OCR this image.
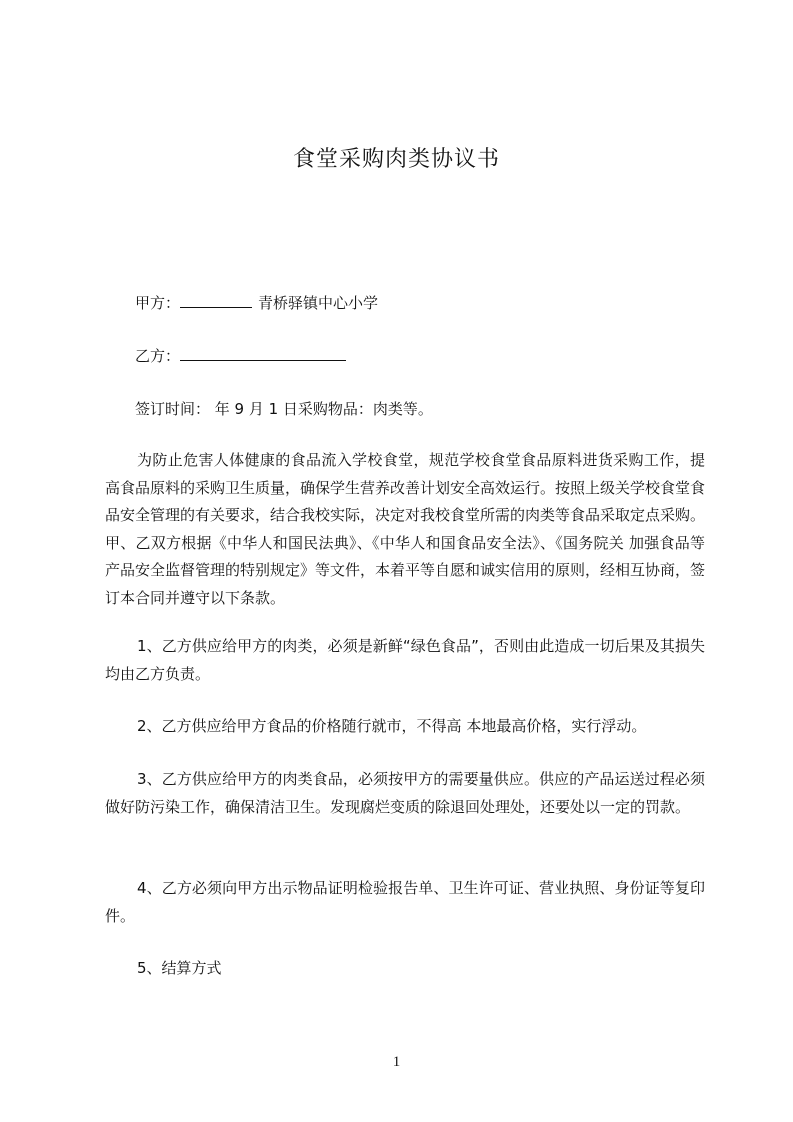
食堂采购肉类协议书
甲方：	青桥驿镇中心小学
乙方：
签订时间： 年 9 月 1 日采购物品：肉类等。

为防止危害人体健康的食品流入学校食堂，规范学校食堂食品原料进货采购工作，提高食品原料的采购卫生质量，确保学生营养改善计划安全高效运行。按照上级关学校食堂食品安全管理的有关要求，结合我校实际，决定对我校食堂所需的肉类等食品采取定点采购。甲、乙双方根据《中华人和国民法典》、《中华人和国食品安全法》、《国务院关 加强食品等产品安全监督管理的特别规定》等文件，本着平等自愿和诚实信用的原则，经相互协商，签订本合同并遵守以下条款。

1、乙方供应给甲方的肉类，必须是新鲜“绿色食品”，否则由此造成一切后果及其损失均由乙方负责。

2、乙方供应给甲方食品的价格随行就市，不得高 本地最高价格，实行浮动。

3、乙方供应给甲方的肉类食品，必须按甲方的需要量供应。供应的产品运送过程必须做好防污染工作，确保清洁卫生。发现腐烂变质的除退回处理处，还要处以一定的罚款。

4、乙方必须向甲方出示物品证明检验报告单、卫生许可证、营业执照、身份证等复印件。

5、结算方式

1
